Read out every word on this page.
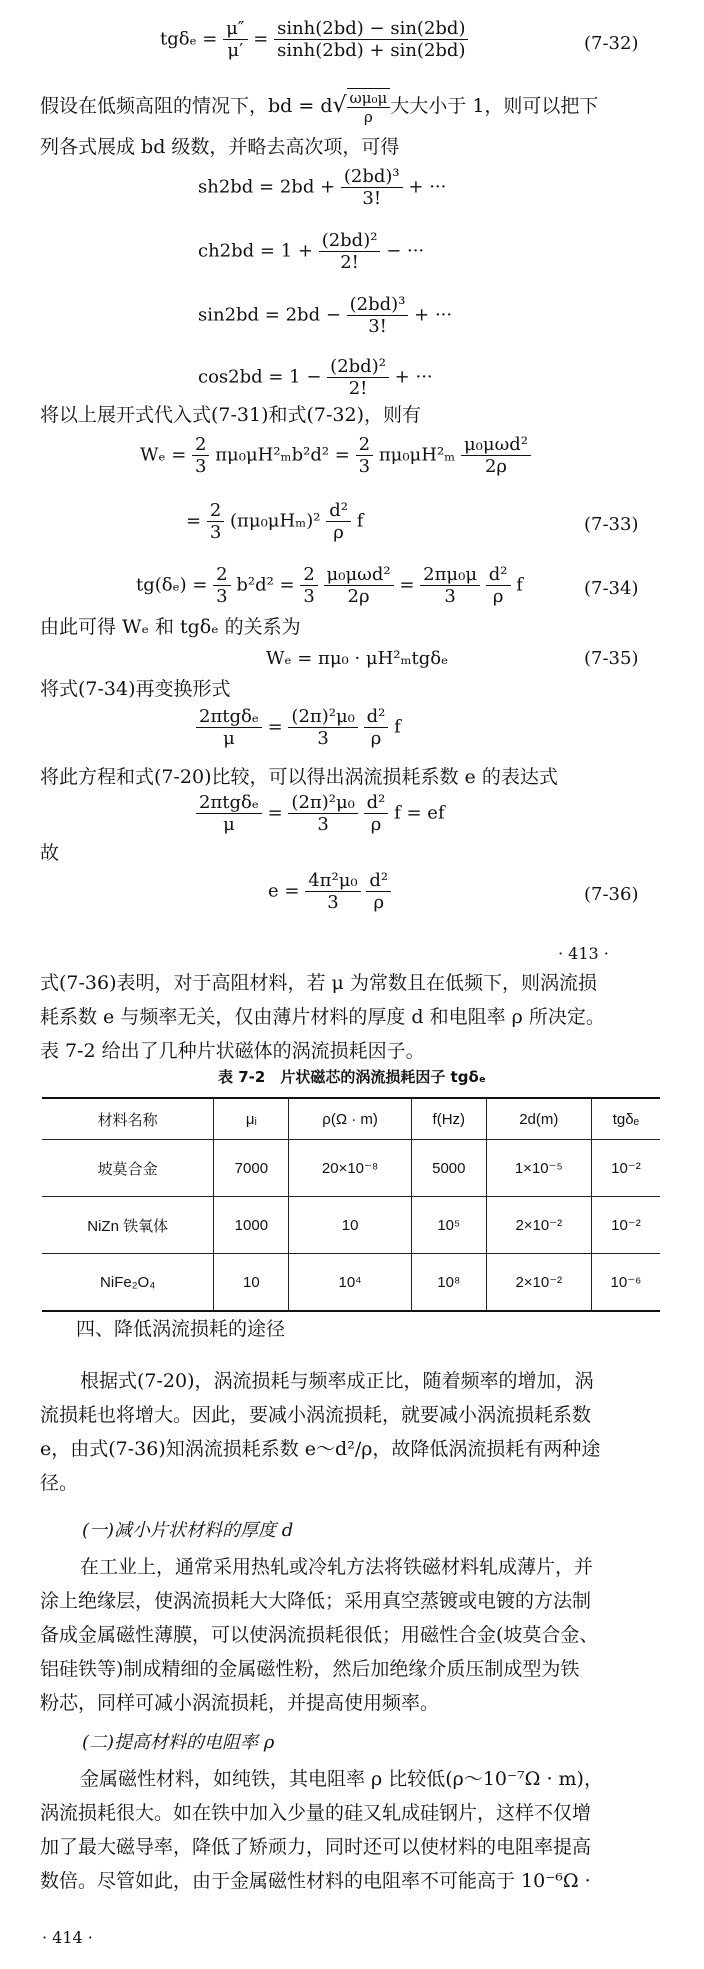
$tg\delta_e = \frac{\mu''}{\mu'} = \frac{\sinh(2bd) - \sin(2bd)}{\sinh(2bd) + \sin(2bd)}$	(7-32)
假设在低频高阻的情况下，bd = $d√ \frac{\text{ωμ₀μ}}{\rho}$ 大大小于 1，则可以把下
列各式展成 bd 级数，并略去高次项，可得
$sh2bd = 2bd + \frac{\text{(2bd)³}}{3!}$ + ···
$ch2bd = 1 + \frac{\text{(2bd)²}}{2!}$ − ···
$\sin 2bd = 2bd - \frac{\text{(2bd)³}}{3!}$ + ···
$\cos 2bd = 1 - \frac{\text{(2bd)²}}{2!}$ + ···
将以上展开式代入式(7-31)和式(7-32)，则有
$W_e = \frac{2}{3} \pi\mu_0\mu H^2_mb^2d^2 = \frac{2}{3} \pi\mu_0\mu H^2_m \frac{\text{μ₀μωd²}}{2\rho}$
= $\frac{2}{3} (\pi\mu_0\mu H_m)^2 \frac{\text{d²}}{\rho}$ f	(7-33)
$tg(\delta_e) = \frac{2}{3} b^2d^2 = \frac{2}{3}$
$\frac{\text{μ₀μωd²}}{2\rho} = \frac{\text{2πμ₀μ}}{3}$
$\frac{\text{d²}}{\rho}$ f	(7-34)
由此可得 Wₑ 和 tgδₑ 的关系为
Wₑ = πμ₀ · μH²ₘtgδₑ	(7-35)
将式(7-34)再变换形式
$\frac{\text{2πtgδₑ}}{\mu} = \frac{\text{(2π)²μ₀}}{3}$
$\frac{\text{d²}}{\rho}$ f
将此方程和式(7-20)比较，可以得出涡流损耗系数 e 的表达式
$\frac{\text{2πtgδₑ}}{\mu} = \frac{\text{(2π)²μ₀}}{3}$
$\frac{\text{d²}}{\rho}$ f = ef
故
$e = \frac{\text{4π²μ₀}}{3}$
$\frac{\text{d²}}{\rho}$	(7-36)
· 413 ·
式(7-36)表明，对于高阻材料，若 μ 为常数且在低频下，则涡流损
耗系数 e 与频率无关，仅由薄片材料的厚度 d 和电阻率 ρ 所决定。
表 7-2 给出了几种片状磁体的涡流损耗因子。
表 7-2　片状磁芯的涡流损耗因子 tgδₑ
材料名称	μᵢ	ρ(Ω · m)	f(Hz)	2d(m)	tgδₑ
坡莫合金	7000	20×10⁻⁸	5000	1×10⁻⁵	10⁻²
NiZn 铁氧体	1000	10	10⁵	2×10⁻²	10⁻²
NiFe₂O₄	10	10⁴	10⁸	2×10⁻²	10⁻⁶
四、降低涡流损耗的途径
根据式(7-20)，涡流损耗与频率成正比，随着频率的增加，涡
流损耗也将增大。因此，要减小涡流损耗，就要减小涡流损耗系数
e，由式(7-36)知涡流损耗系数 e～d²/ρ，故降低涡流损耗有两种途
径。
(一)减小片状材料的厚度 d
在工业上，通常采用热轧或冷轧方法将铁磁材料轧成薄片，并
涂上绝缘层，使涡流损耗大大降低；采用真空蒸镀或电镀的方法制
备成金属磁性薄膜，可以使涡流损耗很低；用磁性合金(坡莫合金、
铝硅铁等)制成精细的金属磁性粉，然后加绝缘介质压制成型为铁
粉芯，同样可减小涡流损耗，并提高使用频率。
(二)提高材料的电阻率 ρ
金属磁性材料，如纯铁，其电阻率 ρ 比较低(ρ～10⁻⁷Ω · m)，
涡流损耗很大。如在铁中加入少量的硅又轧成硅钢片，这样不仅增
加了最大磁导率，降低了矫顽力，同时还可以使材料的电阻率提高
数倍。尽管如此，由于金属磁性材料的电阻率不可能高于 10⁻⁶Ω ·
· 414 ·
